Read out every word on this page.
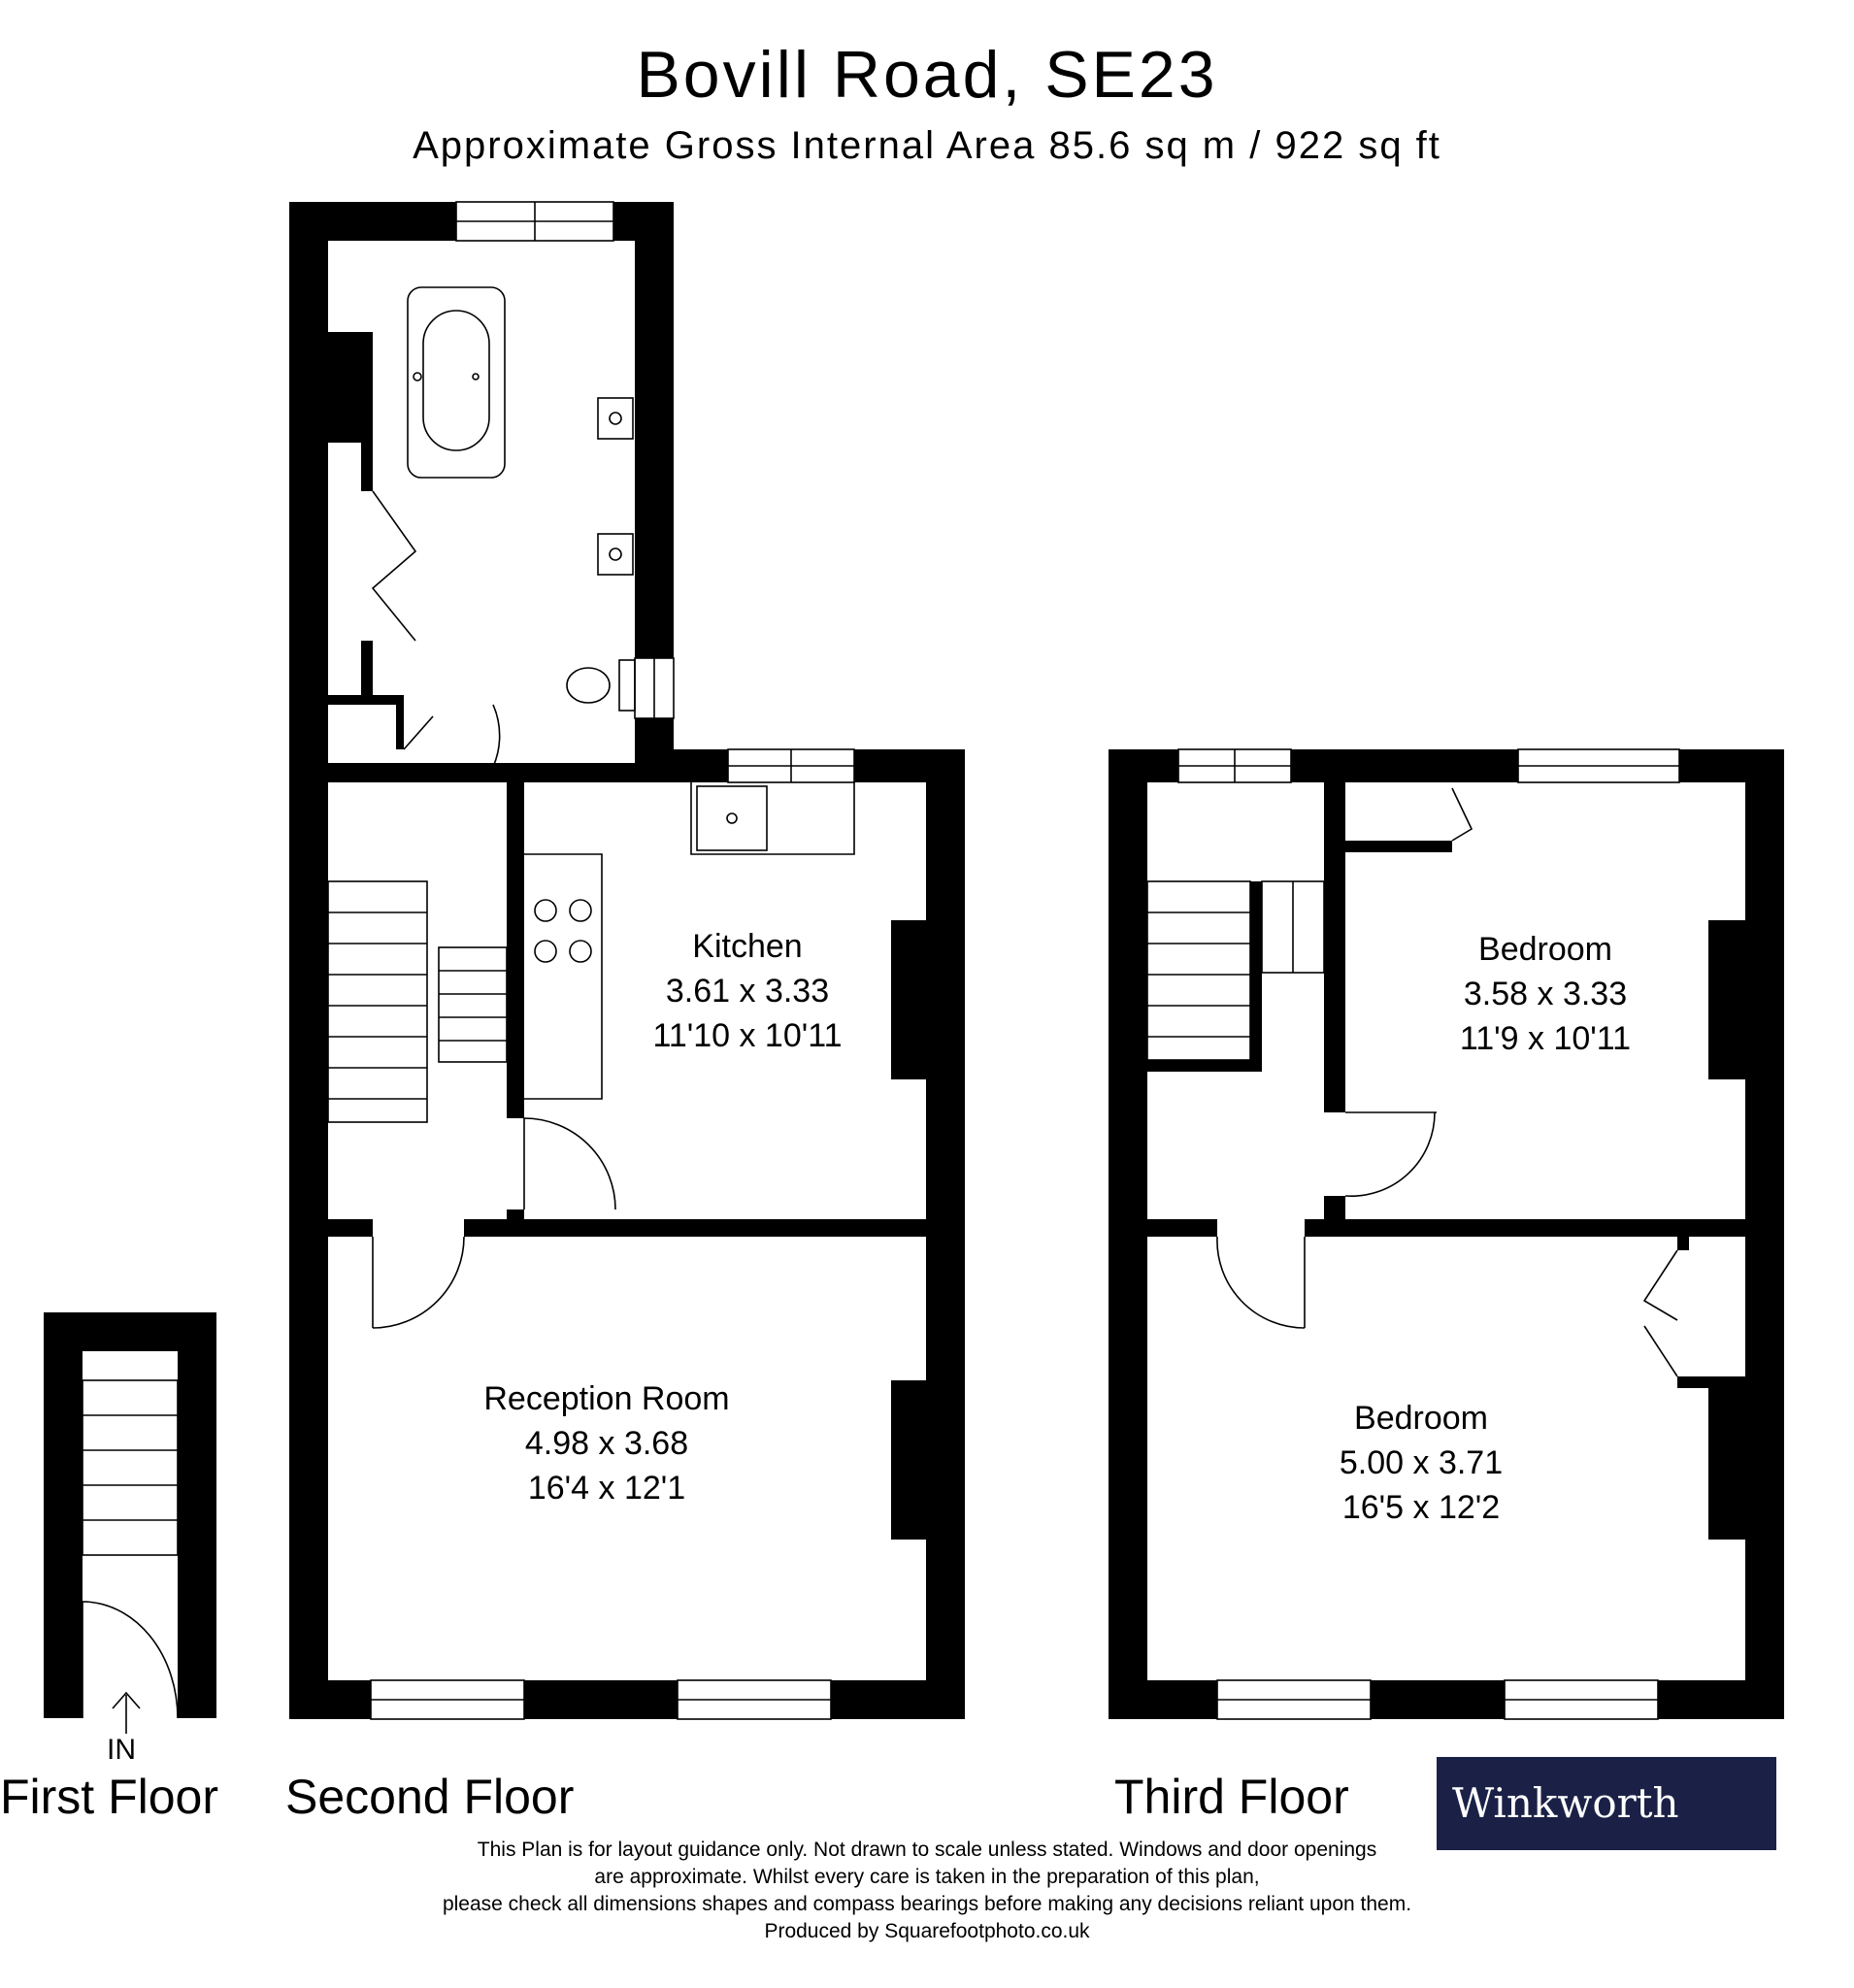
Bovill Road, SE23
Approximate Gross Internal Area 85.6 sq m / 922 sq ft
Kitchen
3.61 x 3.33
11'10 x 10'11
Reception Room
4.98 x 3.68
16'4 x 12'1
Bedroom
3.58 x 3.33
11'9 x 10'11
Bedroom
5.00 x 3.71
16'5 x 12'2
IN
First Floor Second Floor	Third Floor	Winkworth
This Plan is for layout guidance only. Not drawn to scale unless stated. Windows and door openings
are approximate. Whilst every care is taken in the preparation of this plan,
please check all dimensions shapes and compass bearings before making any decisions reliant upon them.
Produced by Squarefootphoto.co.uk
